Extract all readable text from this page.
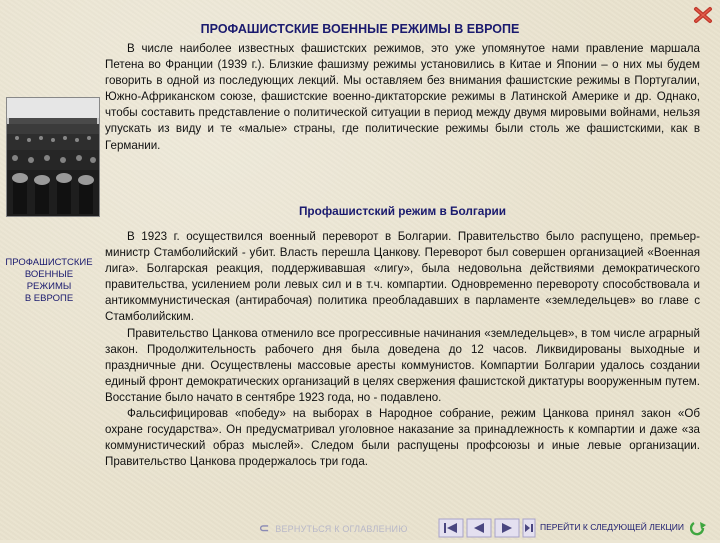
ПРОФАШИСТСКИЕ ВОЕННЫЕ РЕЖИМЫ В ЕВРОПЕ
ПРОФАШИСТСКИЕ
ВОЕННЫЕ
РЕЖИМЫ
В ЕВРОПЕ

В числе наиболее известных фашистских режимов, это уже упомянутое нами правление маршала Петена во Франции (1939 г.). Близкие фашизму режимы установились в Китае и Японии – о них мы будем говорить в одной из последующих лекций. Мы оставляем без внимания фашистские режимы в Португалии, Южно-Африканском союзе, фашистские военно-диктаторские режимы в Латинской Америке и др. Однако, чтобы составить представление о политической ситуации в период между двумя мировыми войнами, нельзя упускать из виду и те «малые» страны, где политические режимы были столь же фашистскими, как в Германии.

Профашистский режим в Болгарии

В 1923 г. осуществился военный переворот в Болгарии. Правительство было распущено, премьер-министр Стамболийский - убит. Власть перешла Цанкову. Переворот был совершен организацией «Военная лига». Болгарская реакция, поддерживавшая «лигу», была недовольна действиями демократического правительства, усилением роли левых сил и в т.ч. компартии. Одновременно перевороту способствовала и антикоммунистическая (антирабочая) политика преобладавших в парламенте «земледельцев» во главе с Стамболийским.

Правительство Цанкова отменило все прогрессивные начинания «земледельцев», в том числе аграрный закон. Продолжительность рабочего дня была доведена до 12 часов. Ликвидированы выходные и праздничные дни. Осуществлены массовые аресты коммунистов. Компартии Болгарии удалось создании единый фронт демократических организаций в целях свержения фашистской диктатуры вооруженным путем. Восстание было начато в сентябре 1923 года, но - подавлено.

Фальсифицировав «победу» на выборах в Народное собрание, режим Цанкова принял закон «Об охране государства». Он предусматривал уголовное наказание за принадлежность к компартии и даже «за коммунистический образ мыслей». Следом были распущены профсоюзы и иные левые организации. Правительство Цанкова продержалось три года.

⊂ ВЕРНУТЬСЯ К ОГЛАВЛЕНИЮ	ПЕРЕЙТИ К СЛЕДУЮЩЕЙ ЛЕКЦИИ
